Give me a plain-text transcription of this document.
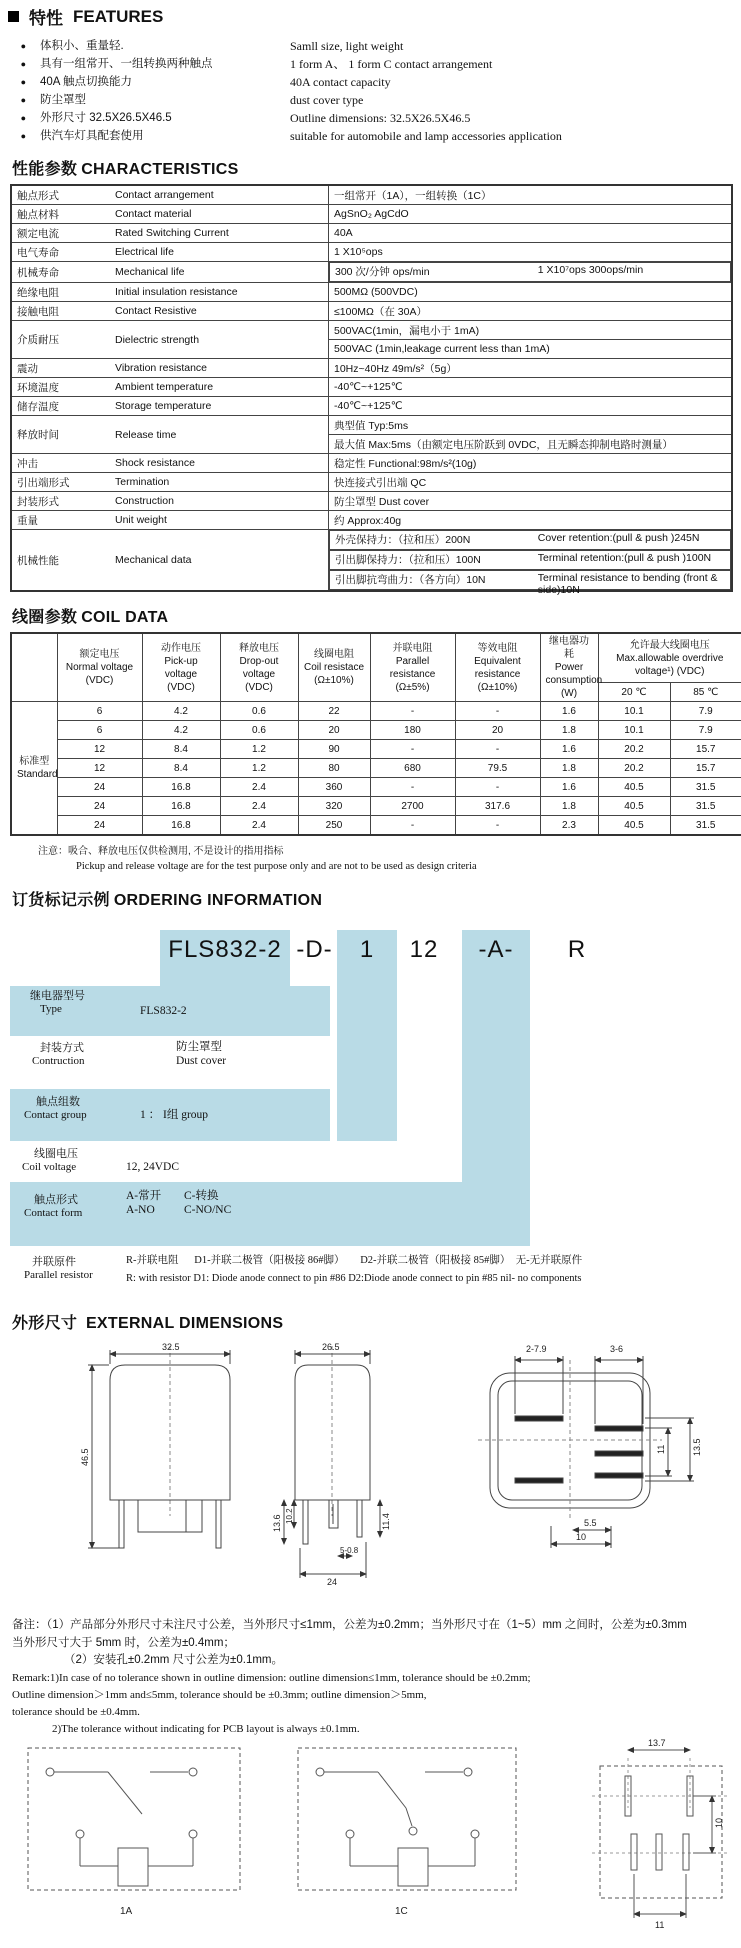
特性 FEATURES
●	体积小、重量轻.	Samll size, light weight
●	具有一组常开、一组转换两种触点	1 form A、 1 form C contact arrangement
●	40A 触点切换能力	40A contact capacity
●	防尘罩型	dust cover type
●	外形尺寸 32.5X26.5X46.5	Outline dimensions: 32.5X26.5X46.5
●	供汽车灯具配套使用	suitable for automobile and lamp accessories application
性能参数 CHARACTERISTICS
触点形式	Contact arrangement	一组常开（1A），一组转换（1C）
触点材料	Contact material	AgSnO₂ AgCdO
额定电流	Rated Switching Current	40A
电气寿命	Electrical life	1 X10⁵ops
机械寿命	Mechanical life		300 次/分钟 ops/min	1 X10⁷ops 300ops/min

绝缘电阻	Initial insulation resistance	500MΩ (500VDC)
接触电阻	Contact Resistive	≤100MΩ（在 30A）
介质耐压	Dielectric strength	500VAC(1min，漏电小于 1mA)
		500VAC (1min,leakage current less than 1mA)
震动	Vibration resistance	10Hz~40Hz 49m/s²（5g）
环境温度	Ambient temperature	-40℃~+125℃
储存温度	Storage temperature	-40℃~+125℃
释放时间	Release time	典型值 Typ:5ms
		最大值 Max:5ms（由额定电压阶跃到 0VDC，且无瞬态抑制电路时测量）
冲击	Shock resistance	稳定性 Functional:98m/s²(10g)
引出端形式	Termination	快连接式引出端 QC
封装形式	Construction	防尘罩型 Dust cover
重量	Unit weight	约 Approx:40g
机械性能	Mechanical data	
外壳保持力：（拉和压）200N	Cover retention:(pull & push )245N

引出脚保持力：（拉和压）100N	Terminal retention:(pull & push )100N

引出脚抗弯曲力：（各方向）10N	Terminal resistance to bending (front & side)10N
线圈参数 COIL DATA

额定电压
Normal voltage
(VDC)

动作电压
Pick-up voltage
(VDC)

释放电压
Drop-out voltage
(VDC)

线圈电阻
Coil resistace
(Ω±10%)

并联电阻
Parallel resistance
(Ω±5%)

等效电阻
Equivalent resistance
(Ω±10%)

继电器功耗
Power consumption
(W)

允许最大线圈电压
Max.allowable overdrive voltage¹) (VDC)

								20 ℃	85 ℃

标准型
Standard	6	4.2	0.6	22	-	-	1.6	10.1	7.9
	6	4.2	0.6	20	180	20	1.8	10.1	7.9
	12	8.4	1.2	90	-	-	1.6	20.2	15.7
	12	8.4	1.2	80	680	79.5	1.8	20.2	15.7
	24	16.8	2.4	360	-	-	1.6	40.5	31.5
	24	16.8	2.4	320	2700	317.6	1.8	40.5	31.5
	24	16.8	2.4	250	-	-	2.3	40.5	31.5
注意：吸合、释放电压仅供检测用, 不是设计的指用指标
Pickup and release voltage are for the test purpose only and are not to be used as design criteria
订货标记示例 ORDERING INFORMATION
FLS832-2 -D-	1	12	-A-	R
继电器型号
Type	FLS832-2
封装方式
Contruction
防尘罩型
Dust cover
触点组数
Contact group	1 ： I组 group
线圈电压
Coil voltage	12, 24VDC
触点形式
Contact form
A-常开
A-NO
C-转换
C-NO/NC
并联原件
Parallel resistor
R-并联电阻      D1-并联二极管（阳极接 86#脚）      D2-并联二极管（阳极接 85#脚）  无-无并联原件
R: with resistor D1: Diode anode connect to pin #86 D2:Diode anode connect to pin #85 nil- no components
外形尺寸 EXTERNAL DIMENSIONS
32.5
46.5
26.5
13.6 10.2	11.4
24
5-0.8
2-7.9	3-6
11	13.5
5.5
10
备注：（1）产品部分外形尺寸未注尺寸公差，当外形尺寸≤1mm，公差为±0.2mm；当外形尺寸在（1~5）mm 之间时，公差为±0.3mm
当外形尺寸大于 5mm 时，公差为±0.4mm；
（2）安装孔±0.2mm 尺寸公差为±0.1mm。
Remark:1)In case of no tolerance shown in outline dimension: outline dimension≤1mm, tolerance should be ±0.2mm;
Outline dimension＞1mm and≤5mm, tolerance should be ±0.3mm; outline dimension＞5mm,
tolerance should be ±0.4mm.
2)The tolerance without indicating for PCB layout is always ±0.1mm.
1A	1C
13.7
10
11
